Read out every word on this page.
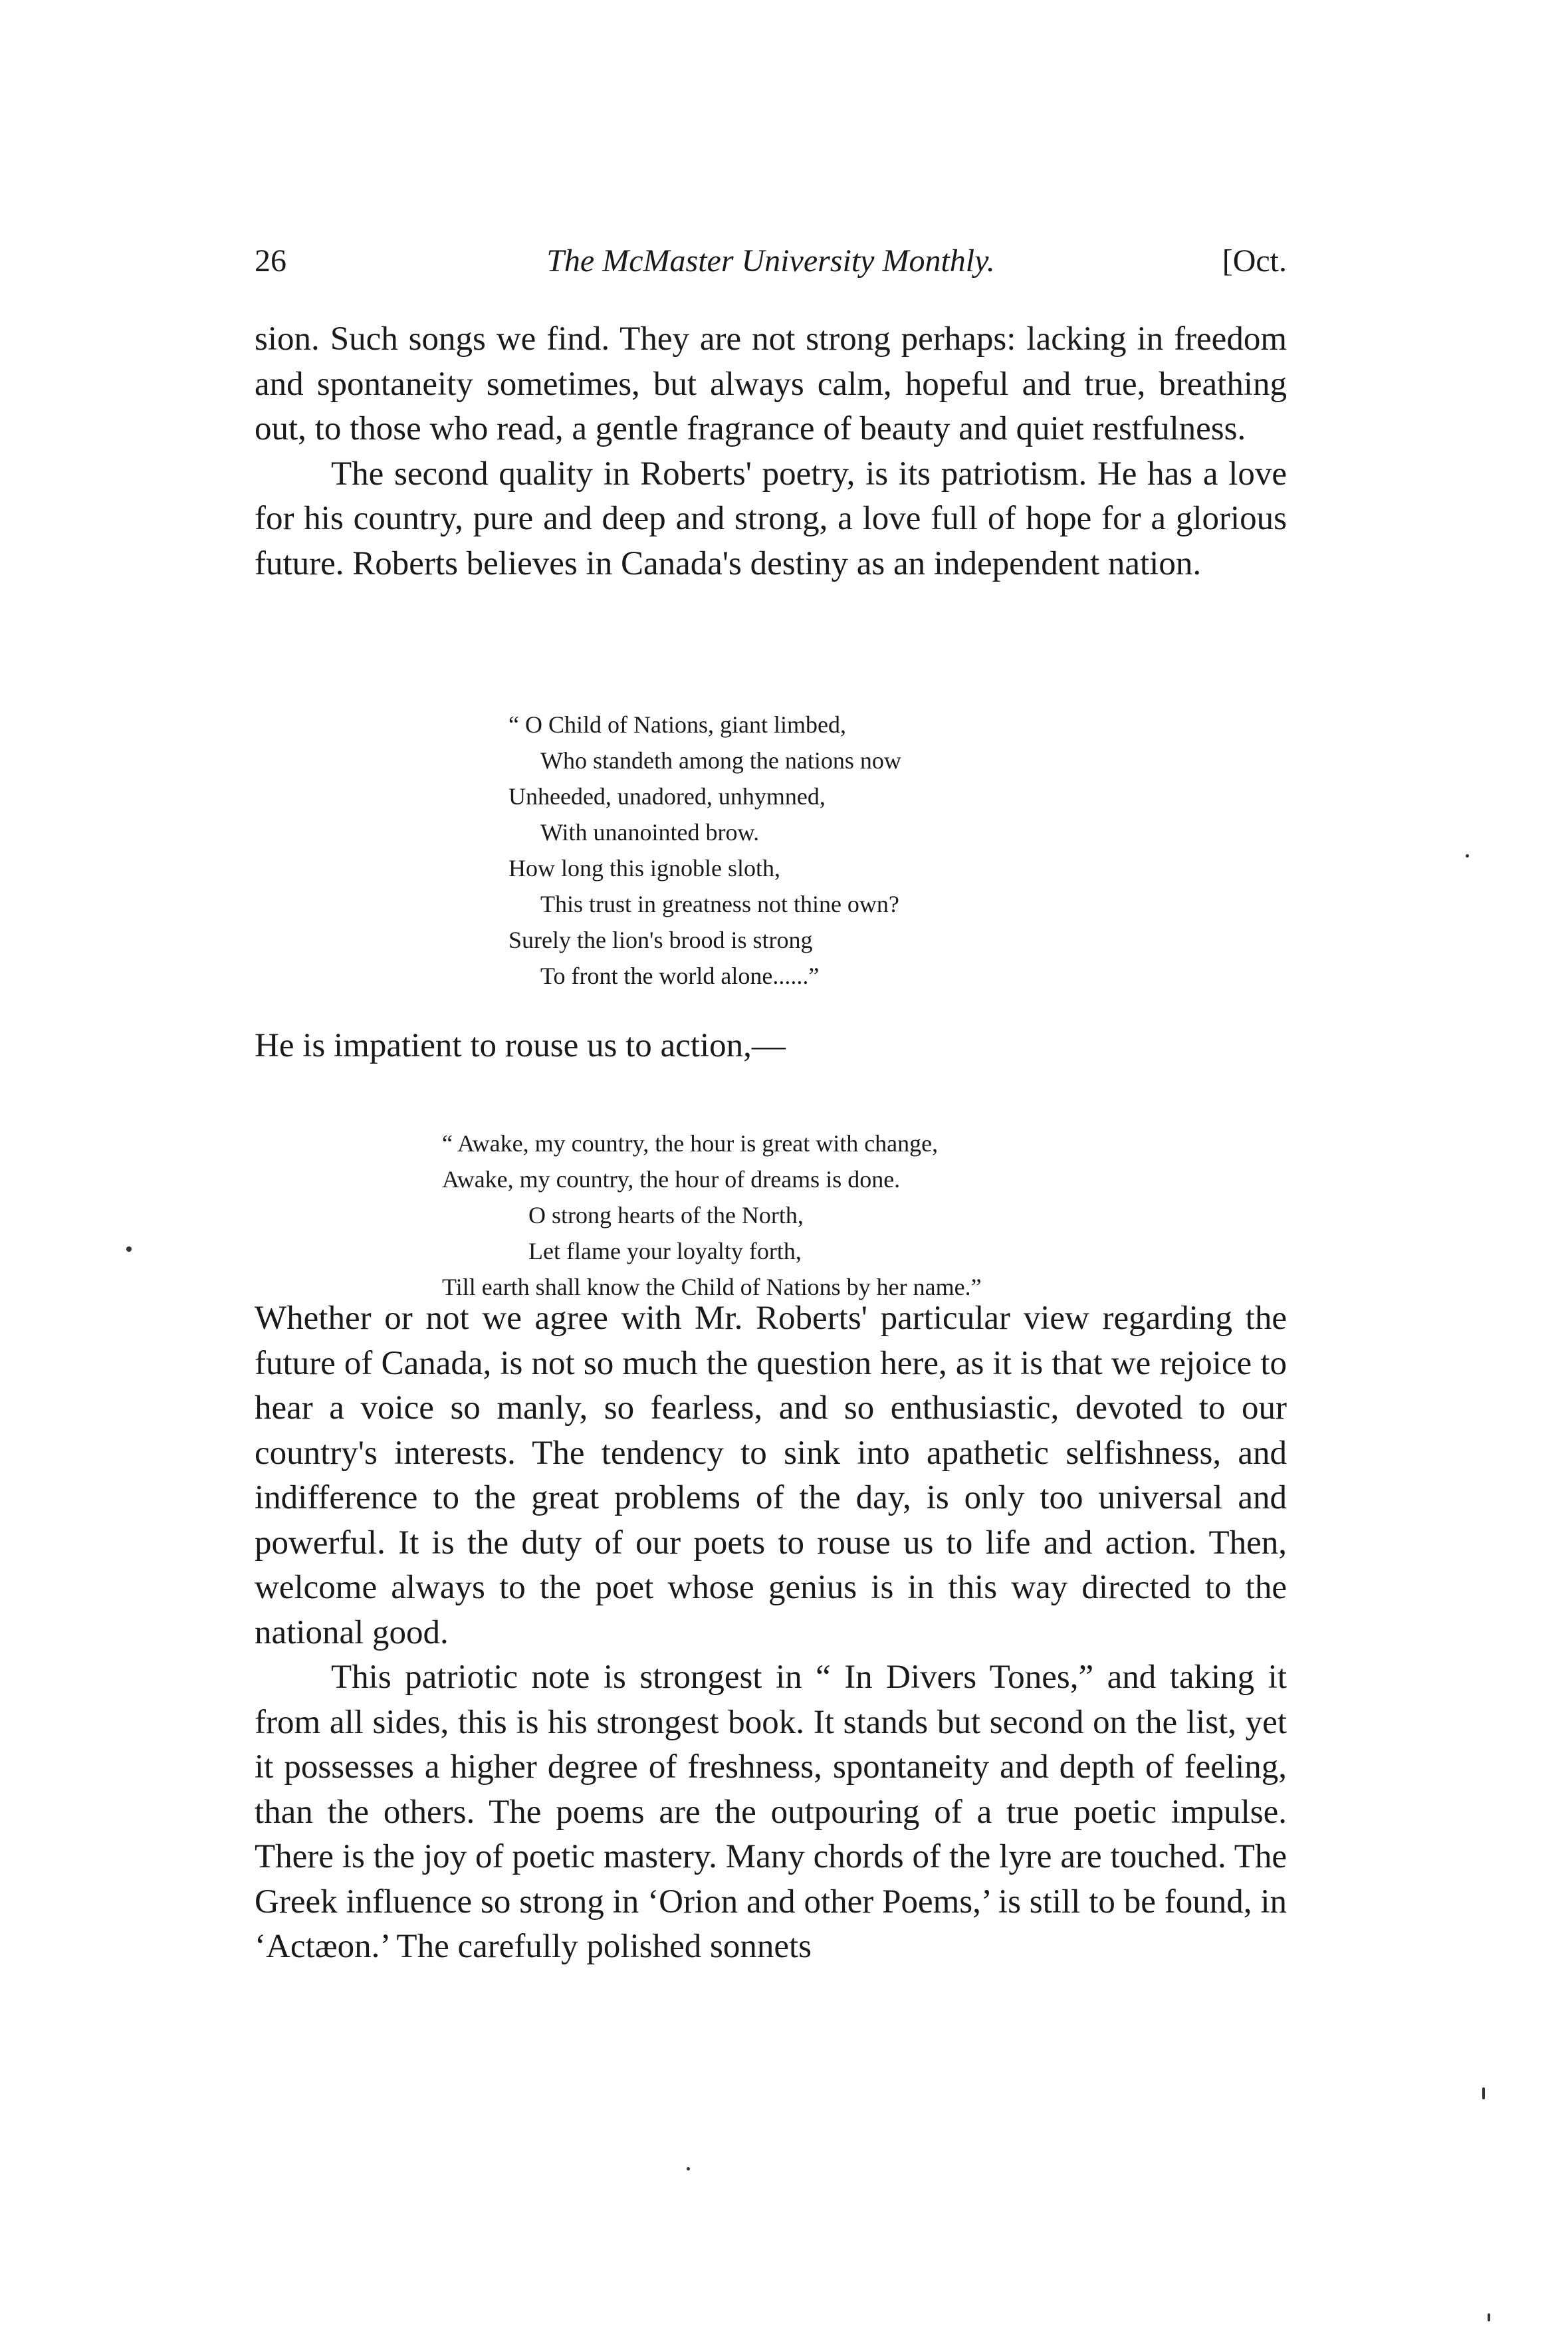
26	The McMaster University Monthly.	[Oct.
sion. Such songs we find. They are not strong perhaps: lacking in freedom and spontaneity sometimes, but always calm, hopeful and true, breathing out, to those who read, a gentle fragrance of beauty and quiet restfulness.
The second quality in Roberts' poetry, is its patriotism. He has a love for his country, pure and deep and strong, a love full of hope for a glorious future. Roberts believes in Canada's destiny as an independent nation.
“ O Child of Nations, giant limbed,
Who standeth among the nations now
Unheeded, unadored, unhymned,
With unanointed brow.
How long this ignoble sloth,
This trust in greatness not thine own?
Surely the lion's brood is strong
To front the world alone......”
He is impatient to rouse us to action,—
“ Awake, my country, the hour is great with change,
Awake, my country, the hour of dreams is done.
O strong hearts of the North,
Let flame your loyalty forth,
Till earth shall know the Child of Nations by her name.”
Whether or not we agree with Mr. Roberts' particular view regarding the future of Canada, is not so much the question here, as it is that we rejoice to hear a voice so manly, so fearless, and so enthusiastic, devoted to our country's interests. The tendency to sink into apathetic selfishness, and indifference to the great problems of the day, is only too universal and powerful. It is the duty of our poets to rouse us to life and action. Then, welcome always to the poet whose genius is in this way directed to the national good.
This patriotic note is strongest in “ In Divers Tones,” and taking it from all sides, this is his strongest book. It stands but second on the list, yet it possesses a higher degree of freshness, spontaneity and depth of feeling, than the others. The poems are the outpouring of a true poetic impulse. There is the joy of poetic mastery. Many chords of the lyre are touched. The Greek influence so strong in ‘Orion and other Poems,’ is still to be found, in ‘Actæon.’ The carefully polished sonnets
